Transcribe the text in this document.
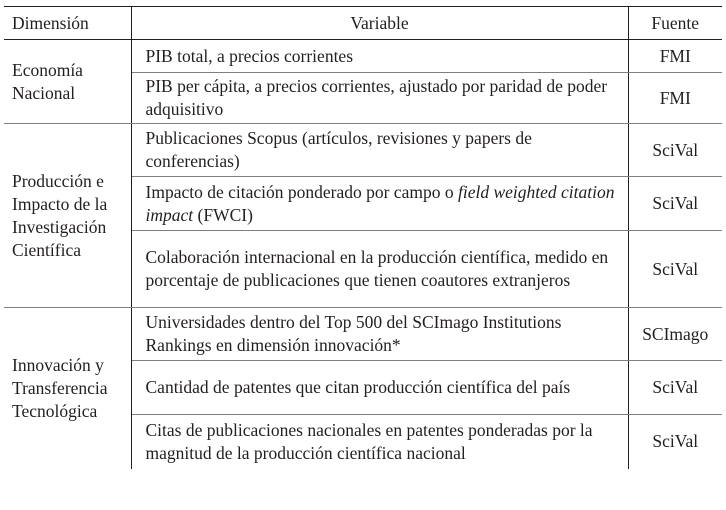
Dimensión	Variable	Fuente
Economía Nacional	PIB total, a precios corrientes	FMI
	PIB per cápita, a precios corrientes, ajustado por paridad de poder adquisitivo	FMI
Producción e Impacto de la Investigación Científica	Publicaciones Scopus (artículos, revisiones y papers de conferencias)	SciVal
	Impacto de citación ponderado por campo o field weighted citation impact (FWCI)	SciVal
	Colaboración internacional en la producción científica, medido en porcentaje de publicaciones que tienen coautores extranjeros	SciVal
Innovación y Transferencia Tecnológica	Universidades dentro del Top 500 del SCImago Institutions Rankings en dimensión innovación*	SCImago
	Cantidad de patentes que citan producción científica del país	SciVal
	Citas de publicaciones nacionales en patentes ponderadas por la magnitud de la producción científica nacional	SciVal
